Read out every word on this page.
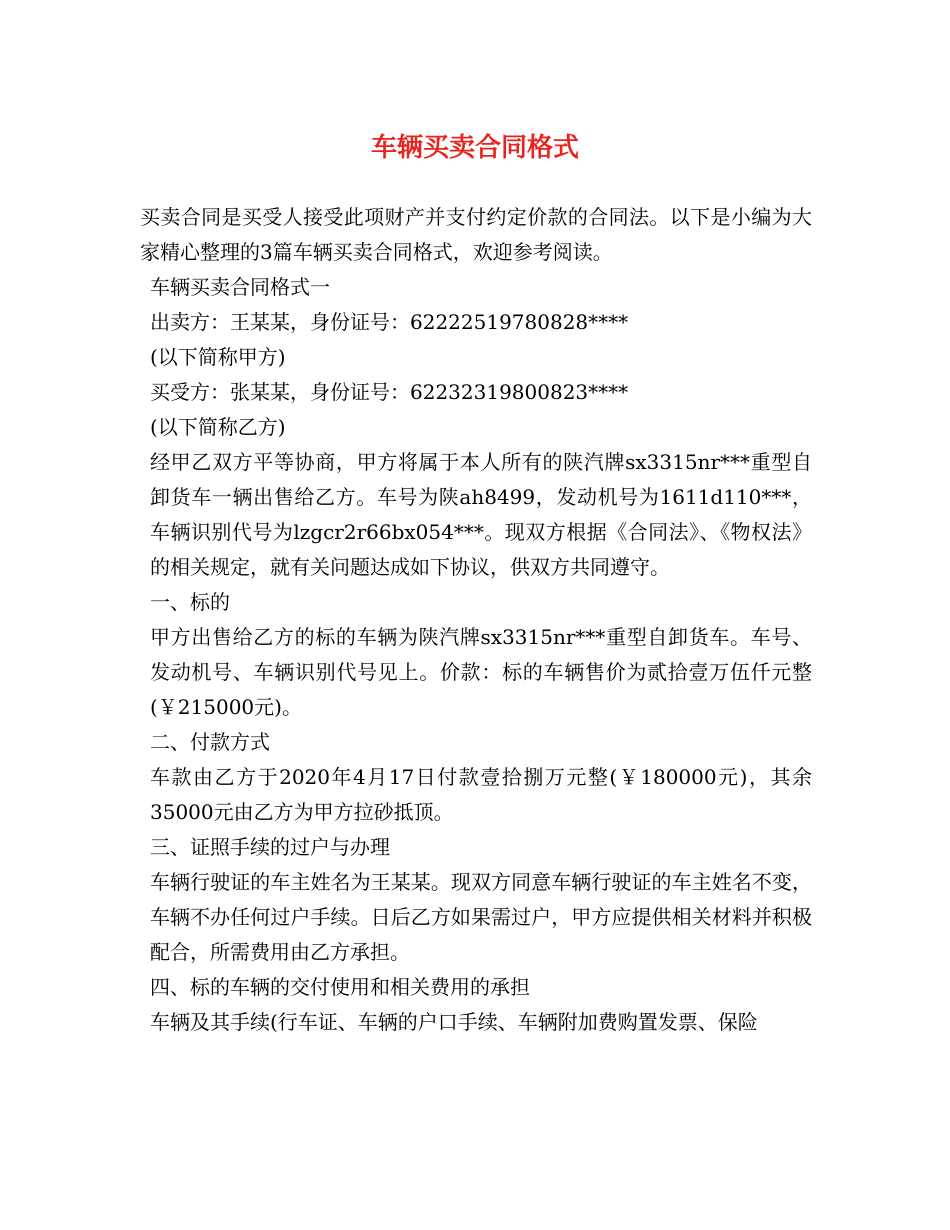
车辆买卖合同格式

买卖合同是买受人接受此项财产并支付约定价款的合同法。以下是小编为大家精心整理的3篇车辆买卖合同格式，欢迎参考阅读。

车辆买卖合同格式一

出卖方：王某某，身份证号：62222519780828****

(以下简称甲方)

买受方：张某某，身份证号：62232319800823****

(以下简称乙方)

经甲乙双方平等协商，甲方将属于本人所有的陕汽牌sx3315nr***重型自卸货车一辆出售给乙方。车号为陕ah8499，发动机号为1611d110***，车辆识别代号为lzgcr2r66bx054***。现双方根据《合同法》、《物权法》的相关规定，就有关问题达成如下协议，供双方共同遵守。

一、标的

甲方出售给乙方的标的车辆为陕汽牌sx3315nr***重型自卸货车。车号、发动机号、车辆识别代号见上。价款：标的车辆售价为贰拾壹万伍仟元整(￥215000元)。

二、付款方式

车款由乙方于2020年4月17日付款壹拾捌万元整(￥180000元)，其余35000元由乙方为甲方拉砂抵顶。

三、证照手续的过户与办理

车辆行驶证的车主姓名为王某某。现双方同意车辆行驶证的车主姓名不变，车辆不办任何过户手续。日后乙方如果需过户，甲方应提供相关材料并积极配合，所需费用由乙方承担。

四、标的车辆的交付使用和相关费用的承担

车辆及其手续(行车证、车辆的户口手续、车辆附加费购置发票、保险
